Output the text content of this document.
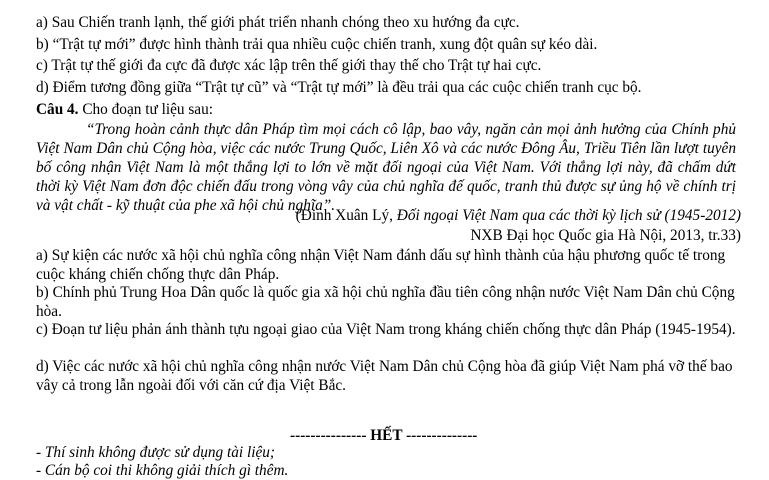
a) Sau Chiến tranh lạnh, thế giới phát triển nhanh chóng theo xu hướng đa cực.
b) “Trật tự mới” được hình thành trải qua nhiều cuộc chiến tranh, xung đột quân sự kéo dài.
c) Trật tự thế giới đa cực đã được xác lập trên thế giới thay thế cho Trật tự hai cực.
d) Điểm tương đồng giữa “Trật tự cũ” và “Trật tự mới” là đều trải qua các cuộc chiến tranh cục bộ.
Câu 4. Cho đoạn tư liệu sau:
“Trong hoàn cảnh thực dân Pháp tìm mọi cách cô lập, bao vây, ngăn cản mọi ảnh hưởng của Chính phủ Việt Nam Dân chủ Cộng hòa, việc các nước Trung Quốc, Liên Xô và các nước Đông Âu, Triều Tiên lần lượt tuyên bố công nhận Việt Nam là một thắng lợi to lớn về mặt đối ngoại của Việt Nam. Với thắng lợi này, đã chấm dứt thời kỳ Việt Nam đơn độc chiến đấu trong vòng vây của chủ nghĩa đế quốc, tranh thủ được sự ủng hộ về chính trị và vật chất - kỹ thuật của phe xã hội chủ nghĩa”.
(Đinh Xuân Lý, Đối ngoại Việt Nam qua các thời kỳ lịch sử (1945-2012)
NXB Đại học Quốc gia Hà Nội, 2013, tr.33)
a) Sự kiện các nước xã hội chủ nghĩa công nhận Việt Nam đánh dấu sự hình thành của hậu phương quốc tế trong cuộc kháng chiến chống thực dân Pháp.
b) Chính phủ Trung Hoa Dân quốc là quốc gia xã hội chủ nghĩa đầu tiên công nhận nước Việt Nam Dân chủ Cộng hòa.
c) Đoạn tư liệu phản ánh thành tựu ngoại giao của Việt Nam trong kháng chiến chống thực dân Pháp (1945-1954).
d) Việc các nước xã hội chủ nghĩa công nhận nước Việt Nam Dân chủ Cộng hòa đã giúp Việt Nam phá vỡ thế bao vây cả trong lẫn ngoài đối với căn cứ địa Việt Bắc.
--------------- HẾT --------------
- Thí sinh không được sử dụng tài liệu;
- Cán bộ coi thi không giải thích gì thêm.
